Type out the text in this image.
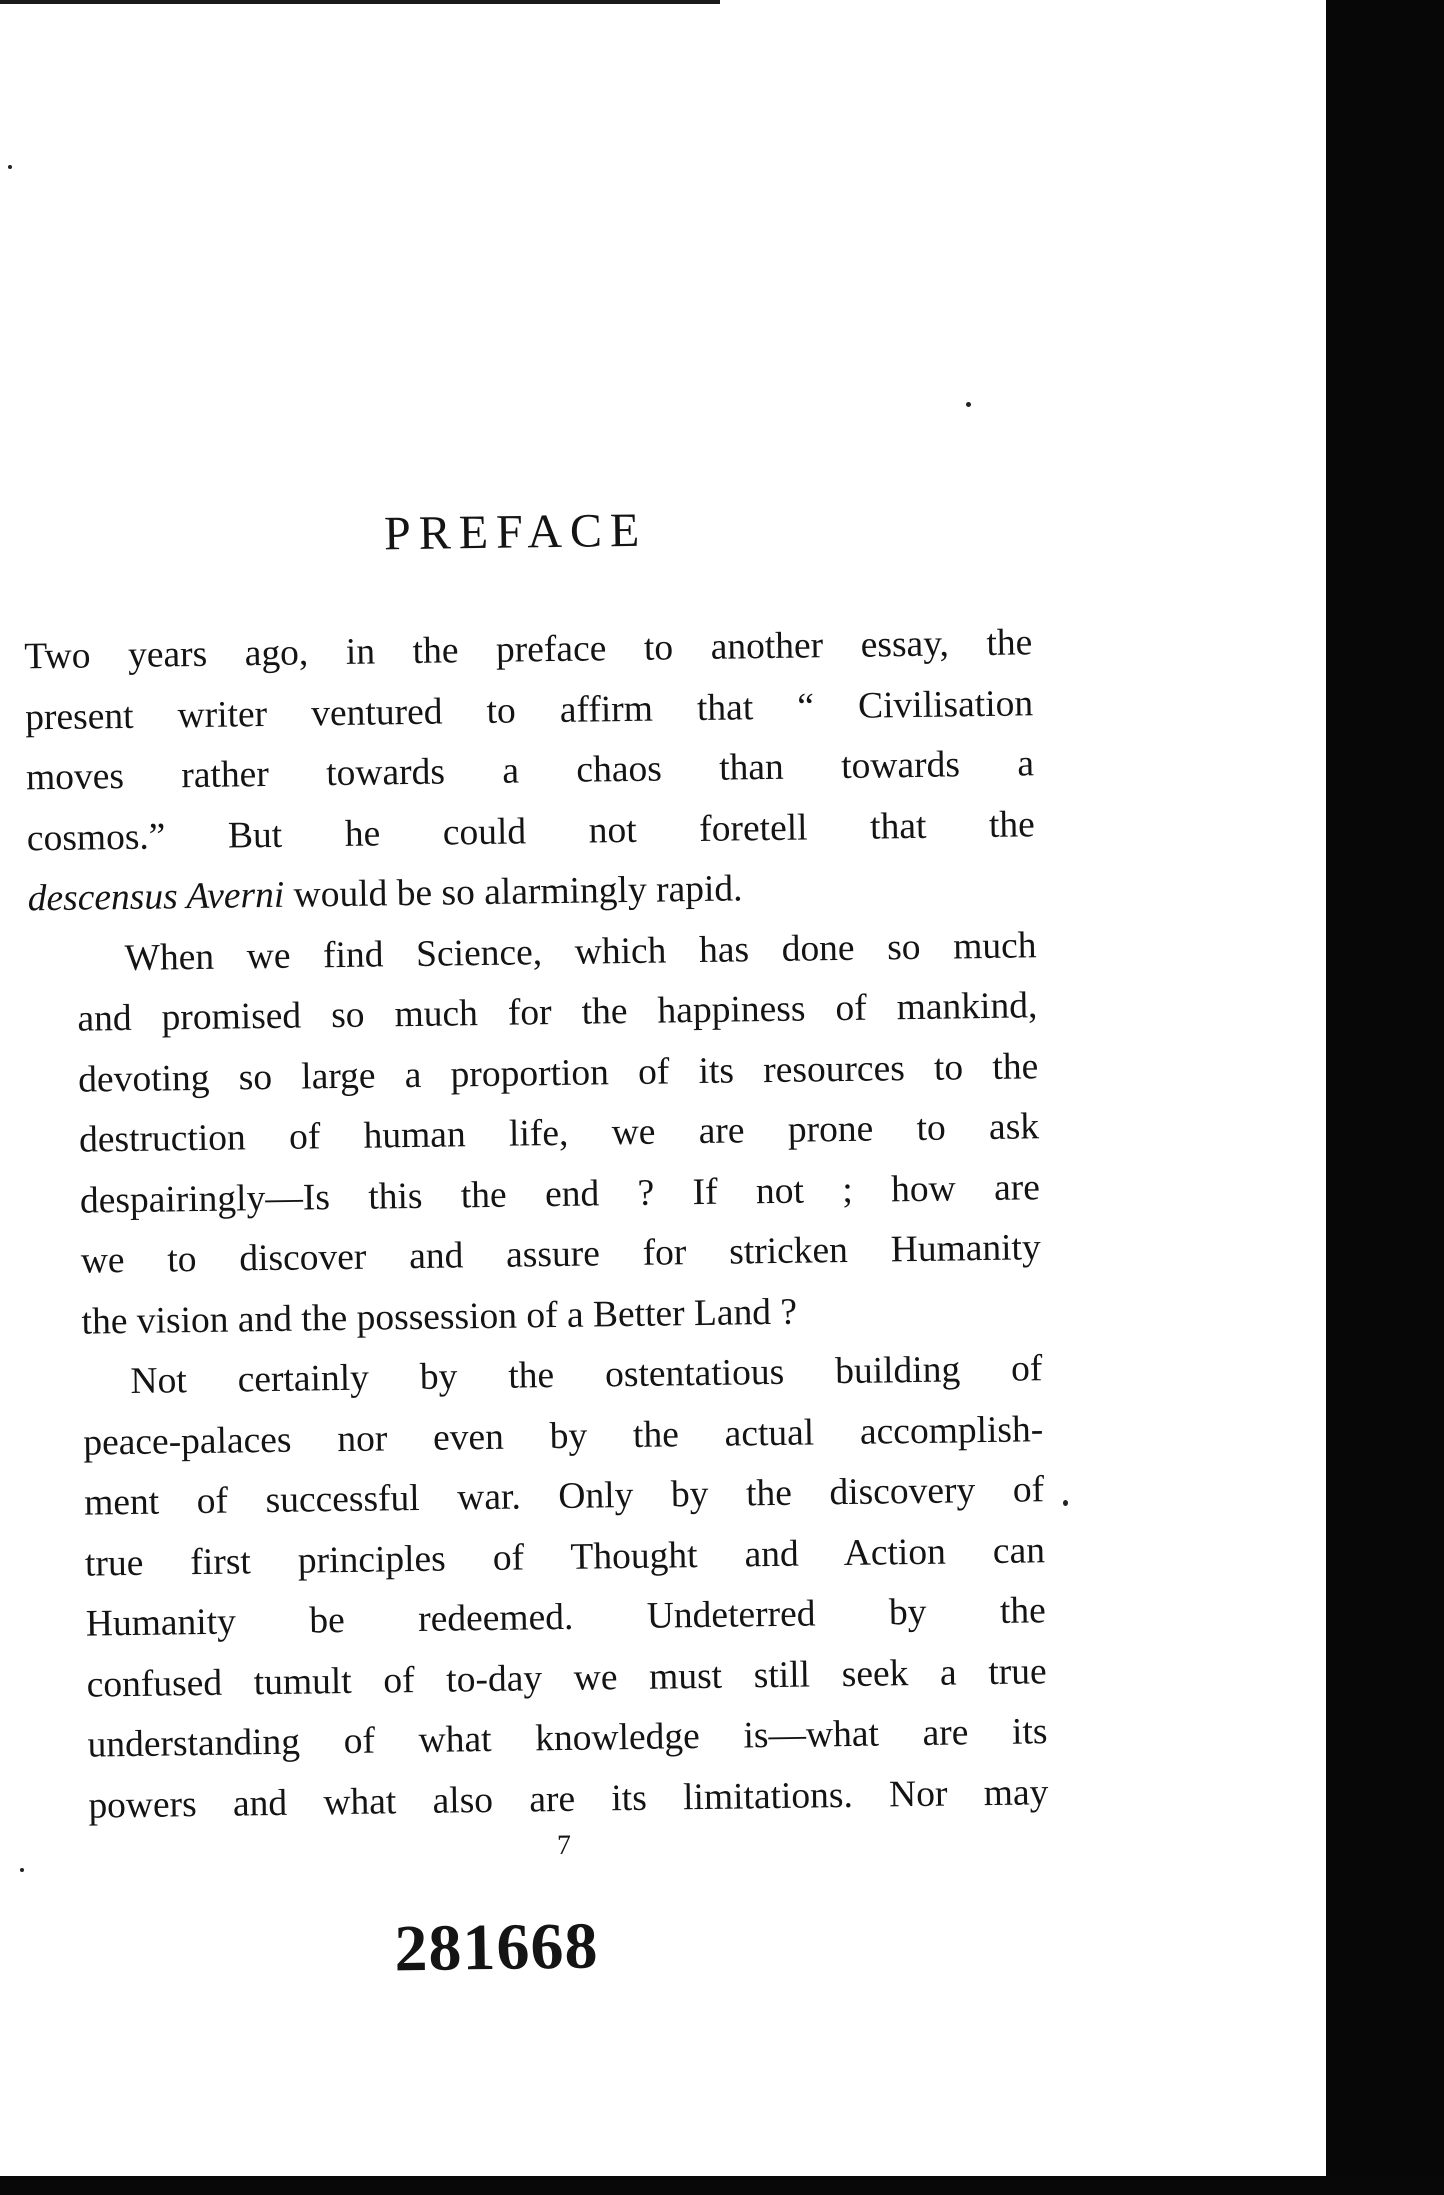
PREFACE

Two years ago, in the preface to another essay, the
present writer ventured to affirm that “ Civilisation
moves rather towards a chaos than towards a
cosmos.” But he could not foretell that the
descensus Averni would be so alarmingly rapid.

When we find Science, which has done so much
and promised so much for the happiness of mankind,
devoting so large a proportion of its resources to the
destruction of human life, we are prone to ask
despairingly—Is this the end ? If not ; how are
we to discover and assure for stricken Humanity
the vision and the possession of a Better Land ?

Not certainly by the ostentatious building of
peace-palaces nor even by the actual accomplish-
ment of successful war. Only by the discovery of
true first principles of Thought and Action can
Humanity be redeemed. Undeterred by the
confused tumult of to-day we must still seek a true
understanding of what knowledge is—what are its
powers and what also are its limitations. Nor may

7
281668
